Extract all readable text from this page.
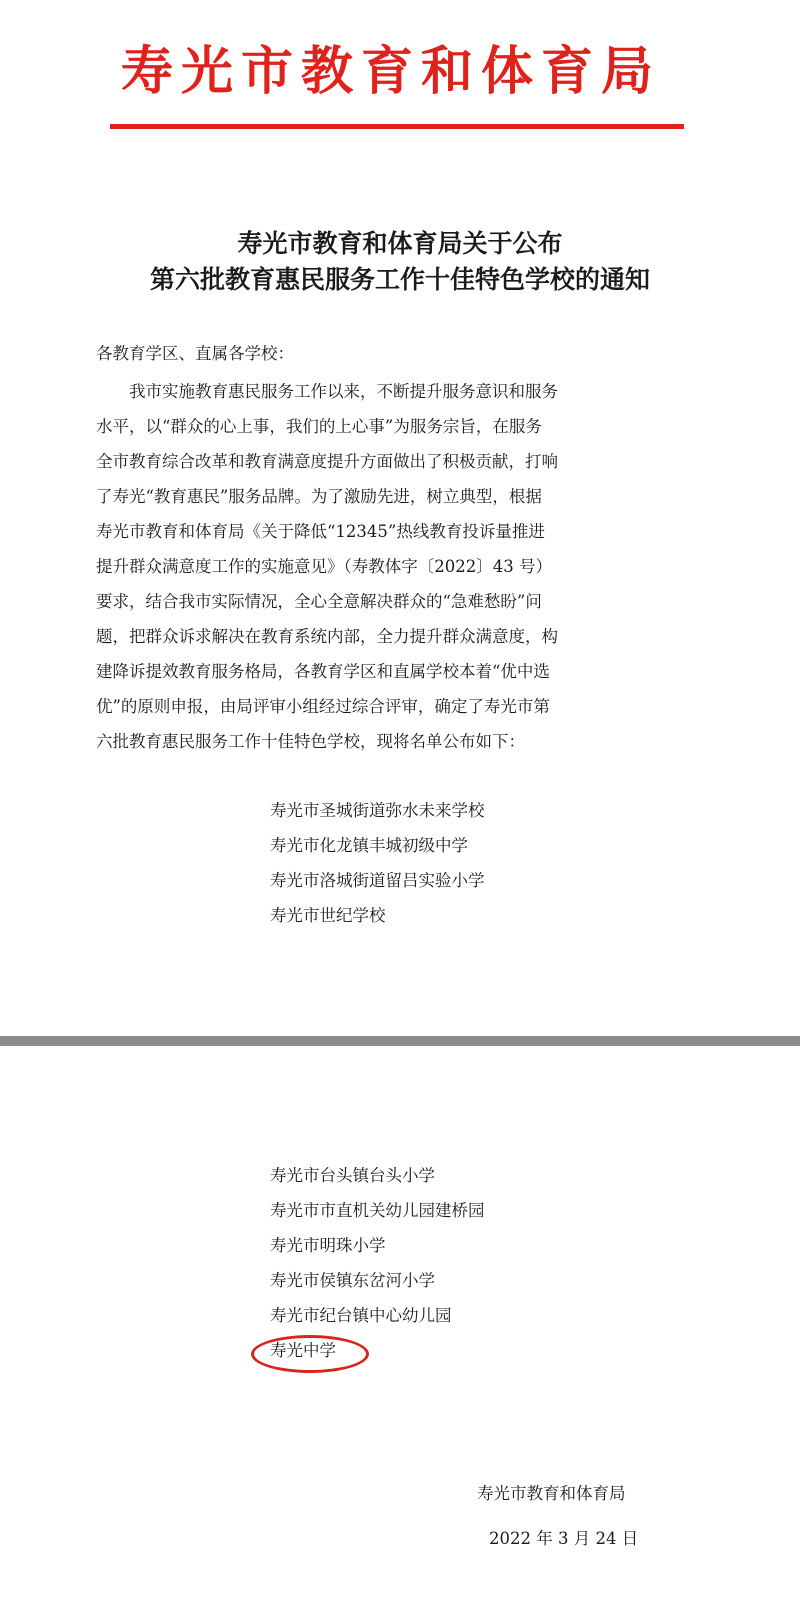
寿光市教育和体育局
寿光市教育和体育局关于公布
第六批教育惠民服务工作十佳特色学校的通知
各教育学区、直属各学校：
　　我市实施教育惠民服务工作以来，不断提升服务意识和服务
水平，以“群众的心上事，我们的上心事”为服务宗旨，在服务
全市教育综合改革和教育满意度提升方面做出了积极贡献，打响
了寿光“教育惠民”服务品牌。为了激励先进，树立典型，根据
寿光市教育和体育局《关于降低“12345”热线教育投诉量推进
提升群众满意度工作的实施意见》（寿教体字〔2022〕43 号）
要求，结合我市实际情况，全心全意解决群众的“急难愁盼”问
题，把群众诉求解决在教育系统内部，全力提升群众满意度，构
建降诉提效教育服务格局，各教育学区和直属学校本着“优中选
优”的原则申报，由局评审小组经过综合评审，确定了寿光市第
六批教育惠民服务工作十佳特色学校，现将名单公布如下：
寿光市圣城街道弥水未来学校
寿光市化龙镇丰城初级中学
寿光市洛城街道留吕实验小学
寿光市世纪学校
寿光市台头镇台头小学
寿光市市直机关幼儿园建桥园
寿光市明珠小学
寿光市侯镇东岔河小学
寿光市纪台镇中心幼儿园
寿光中学
寿光市教育和体育局
2022 年 3 月 24 日
